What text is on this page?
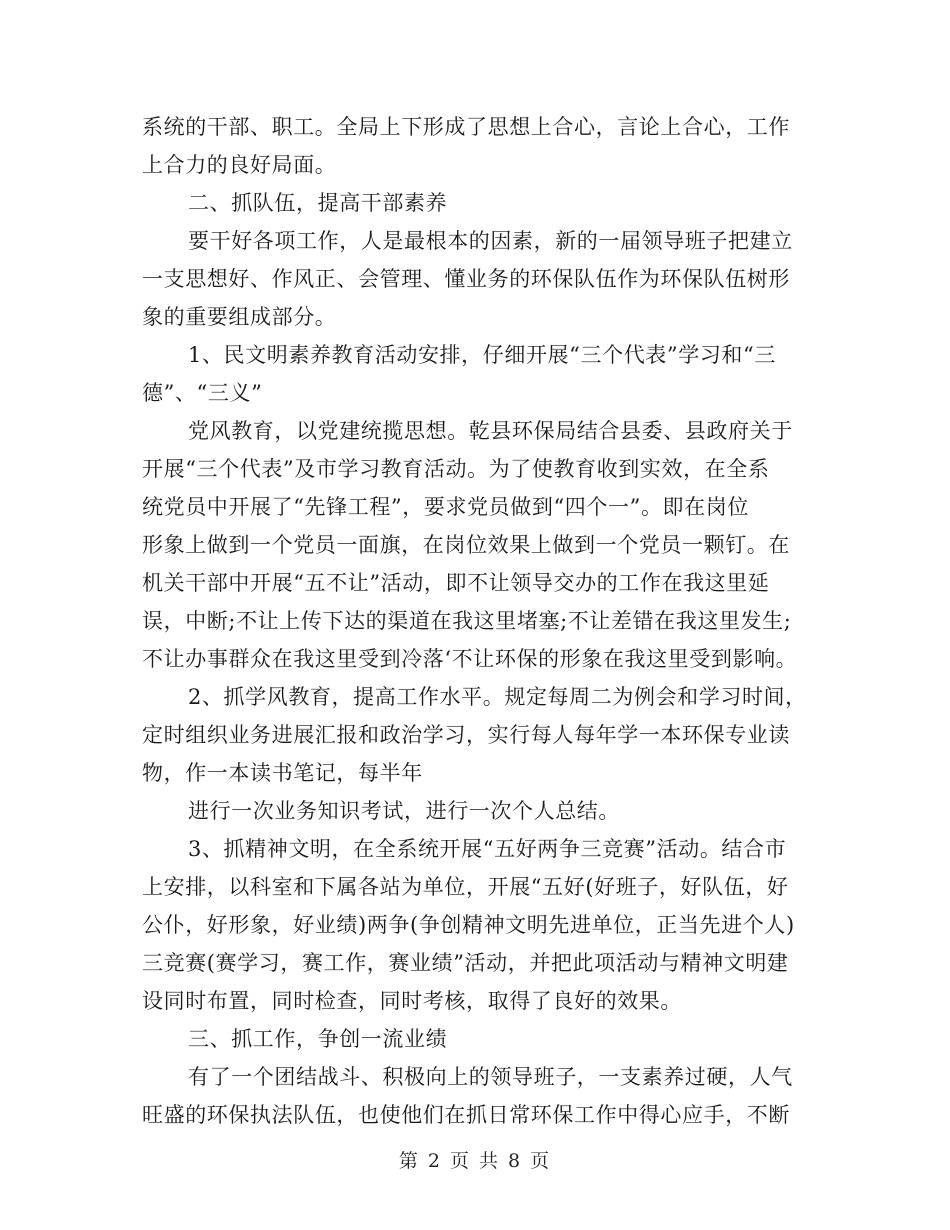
系统的干部、职工。全局上下形成了思想上合心，言论上合心，工作
上合力的良好局面。
二、抓队伍，提高干部素养
要干好各项工作，人是最根本的因素，新的一届领导班子把建立
一支思想好、作风正、会管理、懂业务的环保队伍作为环保队伍树形
象的重要组成部分。
1、民文明素养教育活动安排，仔细开展“三个代表”学习和“三
德”、“三义”
党风教育，以党建统揽思想。乾县环保局结合县委、县政府关于
开展“三个代表”及市学习教育活动。为了使教育收到实效，在全系
统党员中开展了“先锋工程”，要求党员做到“四个一”。即在岗位
形象上做到一个党员一面旗，在岗位效果上做到一个党员一颗钉。在
机关干部中开展“五不让”活动，即不让领导交办的工作在我这里延
误，中断;不让上传下达的渠道在我这里堵塞;不让差错在我这里发生;
不让办事群众在我这里受到冷落‘不让环保的形象在我这里受到影响。
2、抓学风教育，提高工作水平。规定每周二为例会和学习时间，
定时组织业务进展汇报和政治学习，实行每人每年学一本环保专业读
物，作一本读书笔记，每半年
进行一次业务知识考试，进行一次个人总结。
3、抓精神文明，在全系统开展“五好两争三竞赛”活动。结合市
上安排，以科室和下属各站为单位，开展“五好(好班子，好队伍，好
公仆，好形象，好业绩)两争(争创精神文明先进单位，正当先进个人)
三竞赛(赛学习，赛工作，赛业绩”活动，并把此项活动与精神文明建
设同时布置，同时检查，同时考核，取得了良好的效果。
三、抓工作，争创一流业绩
有了一个团结战斗、积极向上的领导班子，一支素养过硬，人气
旺盛的环保执法队伍，也使他们在抓日常环保工作中得心应手，不断
第 2 页 共 8 页
